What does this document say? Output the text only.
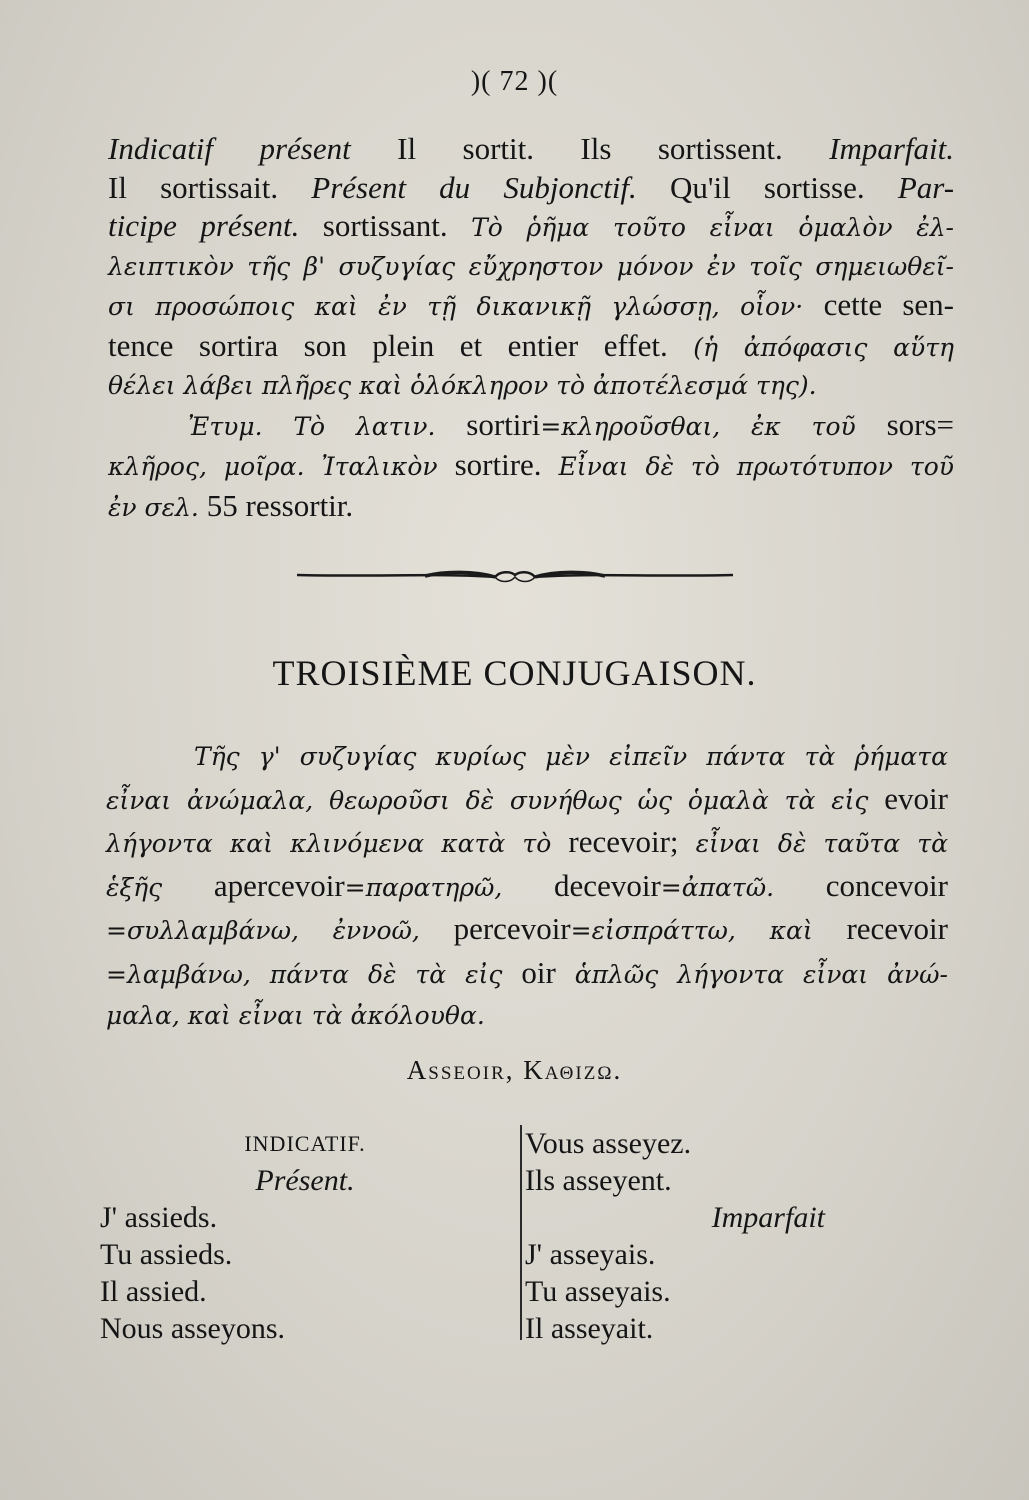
)( 72 )(
Indicatif présent Il sortit. Ils sortissent. Imparfait.
Il sortissait. Présent du Subjonctif. Qu'il sortisse. Par-
ticipe présent. sortissant. Τὸ ῥῆμα τοῦτο εἶναι ὁμαλὸν ἐλ-
λειπτικὸν τῆς β' συζυγίας εὔχρηστον μόνον ἐν τοῖς σημειωθεῖ-
σι προσώποις καὶ ἐν τῇ δικανικῇ γλώσσῃ, οἷον· cette sen-
tence sortira son plein et entier effet. (ἡ ἀπόφασις αὕτη
θέλει λάβει πλῆρες καὶ ὁλόκληρον τὸ ἀποτέλεσμά της).
Ἐτυμ. Τὸ λατιν. sortiri=κληροῦσθαι, ἐκ τοῦ sors=
κλῆρος, μοῖρα. Ἰταλικὸν sortire. Εἶναι δὲ τὸ πρωτότυπον τοῦ
ἐν σελ. 55 ressortir.
TROISIÈME CONJUGAISON.
Τῆς γ' συζυγίας κυρίως μὲν εἰπεῖν πάντα τὰ ῥήματα
εἶναι ἀνώμαλα, θεωροῦσι δὲ συνήθως ὡς ὁμαλὰ τὰ εἰς evoir
λήγοντα καὶ κλινόμενα κατὰ τὸ recevoir; εἶναι δὲ ταῦτα τὰ
ἑξῆς apercevoir=παρατηρῶ, decevoir=ἀπατῶ. concevoir
=συλλαμβάνω, ἐννοῶ, percevoir=εἰσπράττω, καὶ recevoir
=λαμβάνω, πάντα δὲ τὰ εἰς oir ἁπλῶς λήγοντα εἶναι ἀνώ-
μαλα, καὶ εἶναι τὰ ἀκόλουθα.
Asseoir, Καθιζω.
INDICATIF.
Présent.
J' assieds.
Tu assieds.
Il assied.
Nous asseyons.
Vous asseyez.
Ils asseyent.
Imparfait
J' asseyais.
Tu asseyais.
Il asseyait.
